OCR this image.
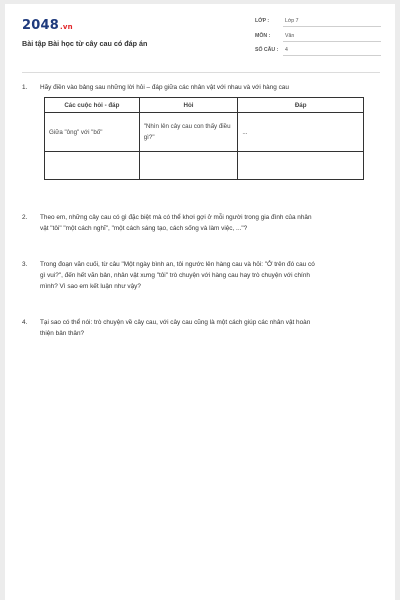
2048.vn
Bài tập Bài học từ cây cau có đáp án
LỚP :	Lớp 7
MÔN :	Văn
SỐ CÂU :	4
1. Hãy điền vào bảng sau những lời hỏi – đáp giữa các nhân vật với nhau và với hàng cau
Các cuộc hỏi - đáp	Hỏi	Đáp
Giữa "ông" với "bố"	"Nhìn lên cây cau con thấy điều gì?"	...

2. Theo em, những cây cau có gì đặc biệt mà có thể khơi gợi ở mỗi người trong gia đình của nhân
vật "tôi" "một cách nghĩ", "một cách sáng tạo, cách sống và làm việc, ..."?
3. Trong đoạn văn cuối, từ câu "Một ngày bình an, tôi ngước lên hàng cau và hỏi: "Ở trên đó cau có
gì vui?", đến hết văn bản, nhân vật xưng "tôi" trò chuyện với hàng cau hay trò chuyện với chính
mình? Vì sao em kết luận như vậy?
4. Tại sao có thể nói: trò chuyện về cây cau, với cây cau cũng là một cách giúp các nhân vật hoàn
thiện bản thân?
